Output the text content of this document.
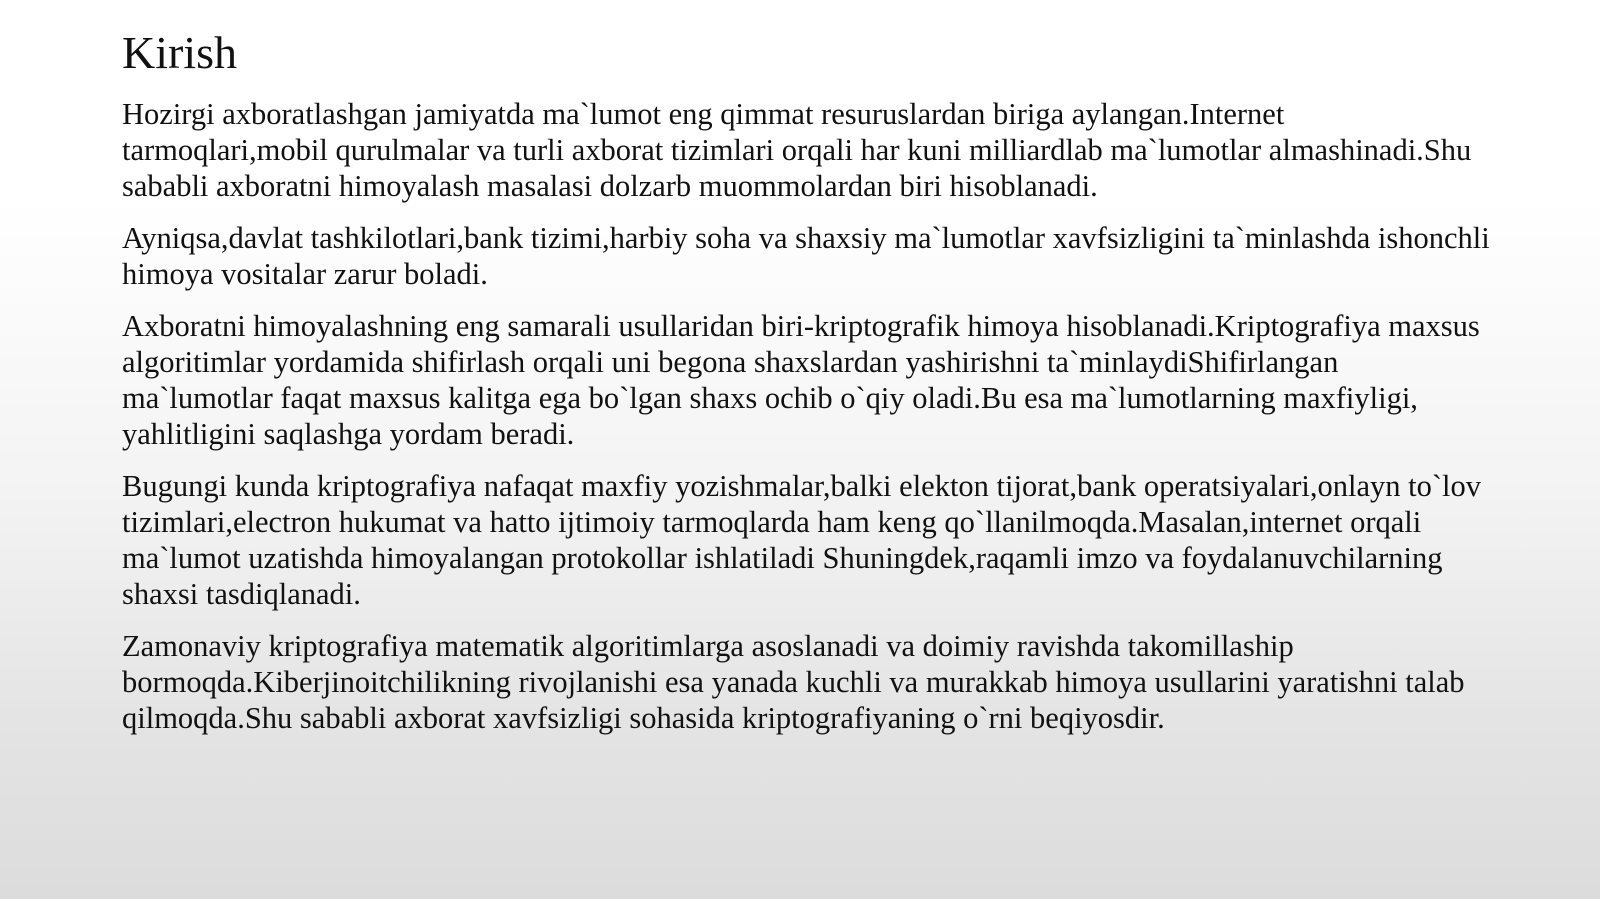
Kirish

Hozirgi axboratlashgan jamiyatda ma`lumot eng qimmat resuruslardan biriga aylangan.Internet tarmoqlari,mobil qurulmalar va turli axborat tizimlari orqali har kuni milliardlab ma`lumotlar almashinadi.Shu sababli axboratni himoyalash masalasi dolzarb muommolardan biri hisoblanadi.

Ayniqsa,davlat tashkilotlari,bank tizimi,harbiy soha va shaxsiy ma`lumotlar xavfsizligini ta`minlashda ishonchli himoya vositalar zarur boladi.

Axboratni himoyalashning eng samarali usullaridan biri-kriptografik himoya hisoblanadi.Kriptografiya maxsus algoritimlar yordamida shifirlash orqali uni begona shaxslardan yashirishni ta`minlaydiShifirlangan ma`lumotlar faqat maxsus kalitga ega bo`lgan shaxs ochib o`qiy oladi.Bu esa ma`lumotlarning maxfiyligi, yahlitligini saqlashga yordam beradi.

Bugungi kunda kriptografiya nafaqat maxfiy yozishmalar,balki elekton tijorat,bank operatsiyalari,onlayn to`lov tizimlari,electron hukumat va hatto ijtimoiy tarmoqlarda ham keng qo`llanilmoqda.Masalan,internet orqali ma`lumot uzatishda himoyalangan protokollar ishlatiladi Shuningdek,raqamli imzo va foydalanuvchilarning shaxsi tasdiqlanadi.

Zamonaviy kriptografiya matematik algoritimlarga asoslanadi va doimiy ravishda takomillaship bormoqda.Kiberjinoitchilikning rivojlanishi esa yanada kuchli va murakkab himoya usullarini yaratishni talab qilmoqda.Shu sababli axborat xavfsizligi sohasida kriptografiyaning o`rni beqiyosdir.
